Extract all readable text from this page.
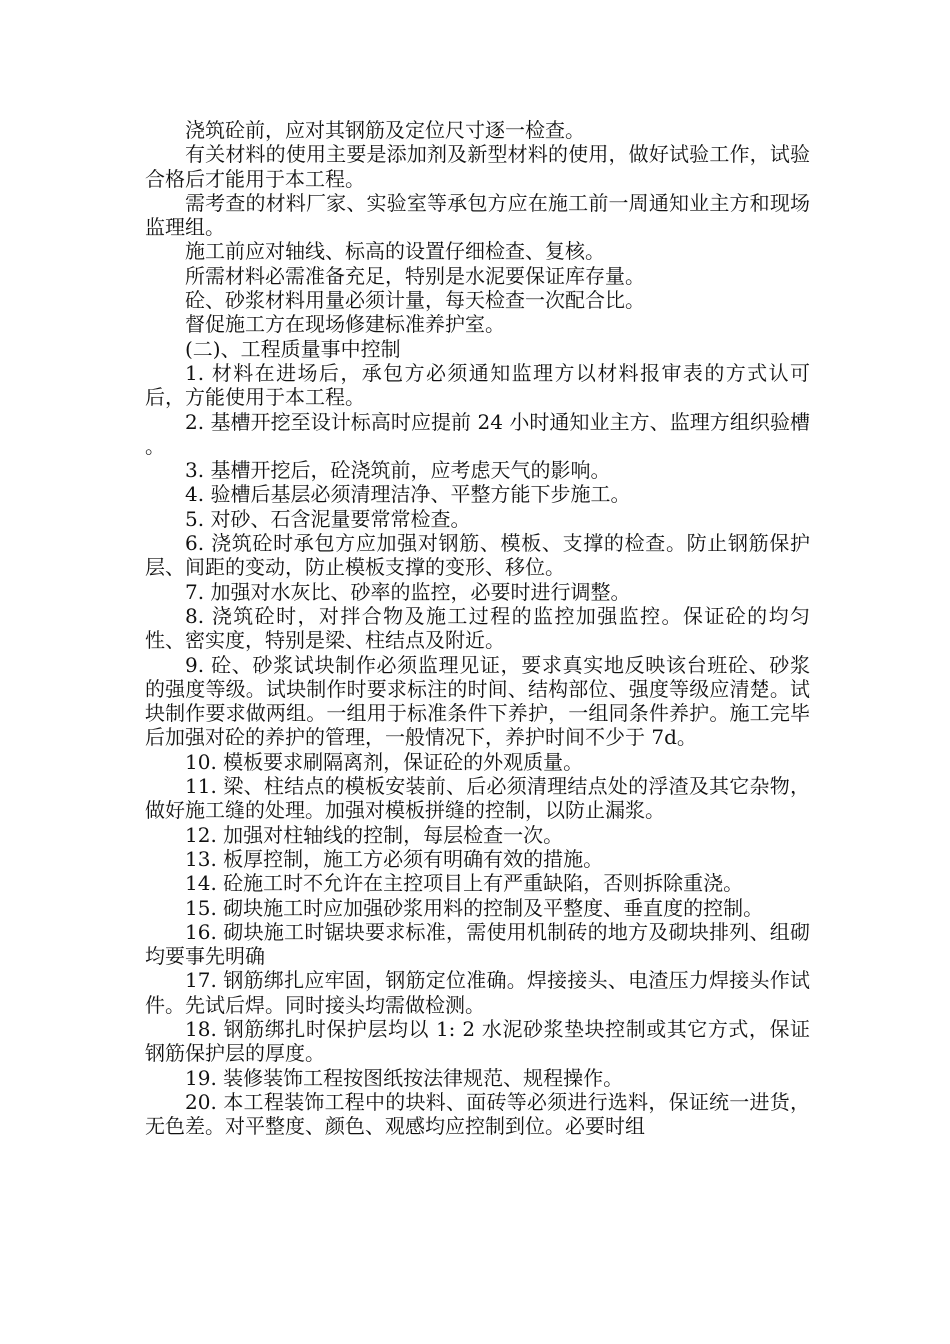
浇筑砼前，应对其钢筋及定位尺寸逐一检查。

有关材料的使用主要是添加剂及新型材料的使用，做好试验工作，试验合格后才能用于本工程。

需考查的材料厂家、实验室等承包方应在施工前一周通知业主方和现场监理组。

施工前应对轴线、标高的设置仔细检查、复核。

所需材料必需准备充足，特别是水泥要保证库存量。

砼、砂浆材料用量必须计量，每天检查一次配合比。

督促施工方在现场修建标准养护室。

(二)、工程质量事中控制

1. 材料在进场后，承包方必须通知监理方以材料报审表的方式认可后，方能使用于本工程。

2. 基槽开挖至设计标高时应提前 24 小时通知业主方、监理方组织验槽 。

3. 基槽开挖后，砼浇筑前，应考虑天气的影响。

4. 验槽后基层必须清理洁净、平整方能下步施工。

5. 对砂、石含泥量要常常检查。

6. 浇筑砼时承包方应加强对钢筋、模板、支撑的检查。防止钢筋保护层、间距的变动，防止模板支撑的变形、移位。

7. 加强对水灰比、砂率的监控，必要时进行调整。

8. 浇筑砼时，对拌合物及施工过程的监控加强监控。保证砼的均匀性、密实度，特别是梁、柱结点及附近。

9. 砼、砂浆试块制作必须监理见证，要求真实地反映该台班砼、砂浆的强度等级。试块制作时要求标注的时间、结构部位、强度等级应清楚。试块制作要求做两组。一组用于标准条件下养护，一组同条件养护。施工完毕后加强对砼的养护的管理，一般情况下，养护时间不少于 7d。

10. 模板要求刷隔离剂，保证砼的外观质量。

11. 梁、柱结点的模板安装前、后必须清理结点处的浮渣及其它杂物，做好施工缝的处理。加强对模板拼缝的控制，以防止漏浆。

12. 加强对柱轴线的控制，每层检查一次。

13. 板厚控制，施工方必须有明确有效的措施。

14. 砼施工时不允许在主控项目上有严重缺陷，否则拆除重浇。

15. 砌块施工时应加强砂浆用料的控制及平整度、垂直度的控制。

16. 砌块施工时锯块要求标准，需使用机制砖的地方及砌块排列、组砌均要事先明确

17. 钢筋绑扎应牢固，钢筋定位准确。焊接接头、电渣压力焊接头作试件。先试后焊。同时接头均需做检测。

18. 钢筋绑扎时保护层均以 1: 2 水泥砂浆垫块控制或其它方式，保证钢筋保护层的厚度。

19. 装修装饰工程按图纸按法律规范、规程操作。

20. 本工程装饰工程中的块料、面砖等必须进行选料，保证统一进货，无色差。对平整度、颜色、观感均应控制到位。必要时组
